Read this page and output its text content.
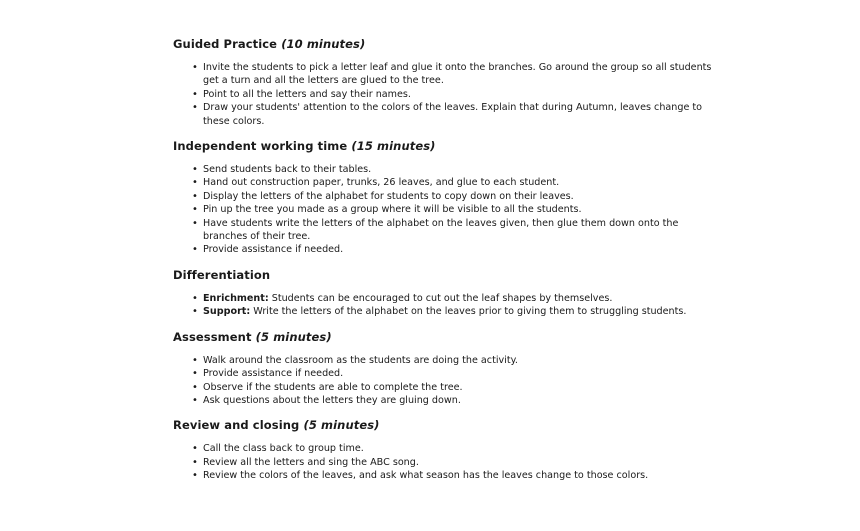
Guided Practice (10 minutes)
• Invite the students to pick a letter leaf and glue it onto the branches. Go around the group so all students get a turn and all the letters are glued to the tree.
• Point to all the letters and say their names.
• Draw your students' attention to the colors of the leaves. Explain that during Autumn, leaves change to these colors.
Independent working time (15 minutes)
• Send students back to their tables.
• Hand out construction paper, trunks, 26 leaves, and glue to each student.
• Display the letters of the alphabet for students to copy down on their leaves.
• Pin up the tree you made as a group where it will be visible to all the students.
• Have students write the letters of the alphabet on the leaves given, then glue them down onto the branches of their tree.
• Provide assistance if needed.
Differentiation
• Enrichment: Students can be encouraged to cut out the leaf shapes by themselves.
• Support: Write the letters of the alphabet on the leaves prior to giving them to struggling students.
Assessment (5 minutes)
• Walk around the classroom as the students are doing the activity.
• Provide assistance if needed.
• Observe if the students are able to complete the tree.
• Ask questions about the letters they are gluing down.
Review and closing (5 minutes)
• Call the class back to group time.
• Review all the letters and sing the ABC song.
• Review the colors of the leaves, and ask what season has the leaves change to those colors.
